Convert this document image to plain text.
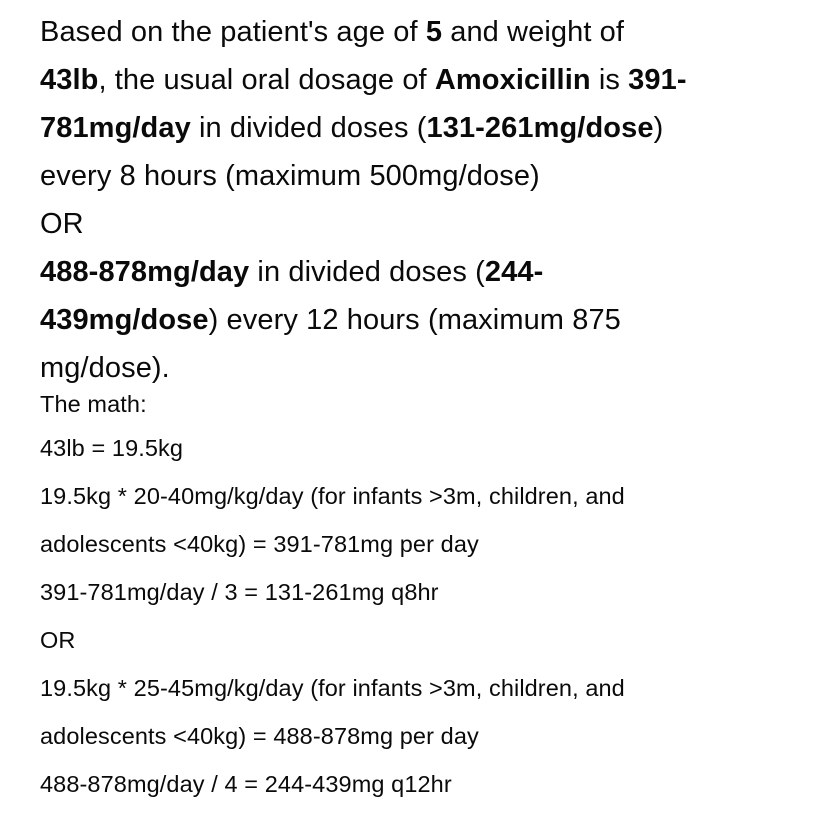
Based on the patient's age of 5 and weight of
43lb, the usual oral dosage of Amoxicillin is 391-
781mg/day in divided doses (131-261mg/dose)
every 8 hours (maximum 500mg/dose)
OR
488-878mg/day in divided doses (244-
439mg/dose) every 12 hours (maximum 875
mg/dose).

The math:
43lb = 19.5kg
19.5kg * 20-40mg/kg/day (for infants >3m, children, and
adolescents <40kg) = 391-781mg per day
391-781mg/day / 3 = 131-261mg q8hr
OR
19.5kg * 25-45mg/kg/day (for infants >3m, children, and
adolescents <40kg) = 488-878mg per day
488-878mg/day / 4 = 244-439mg q12hr
